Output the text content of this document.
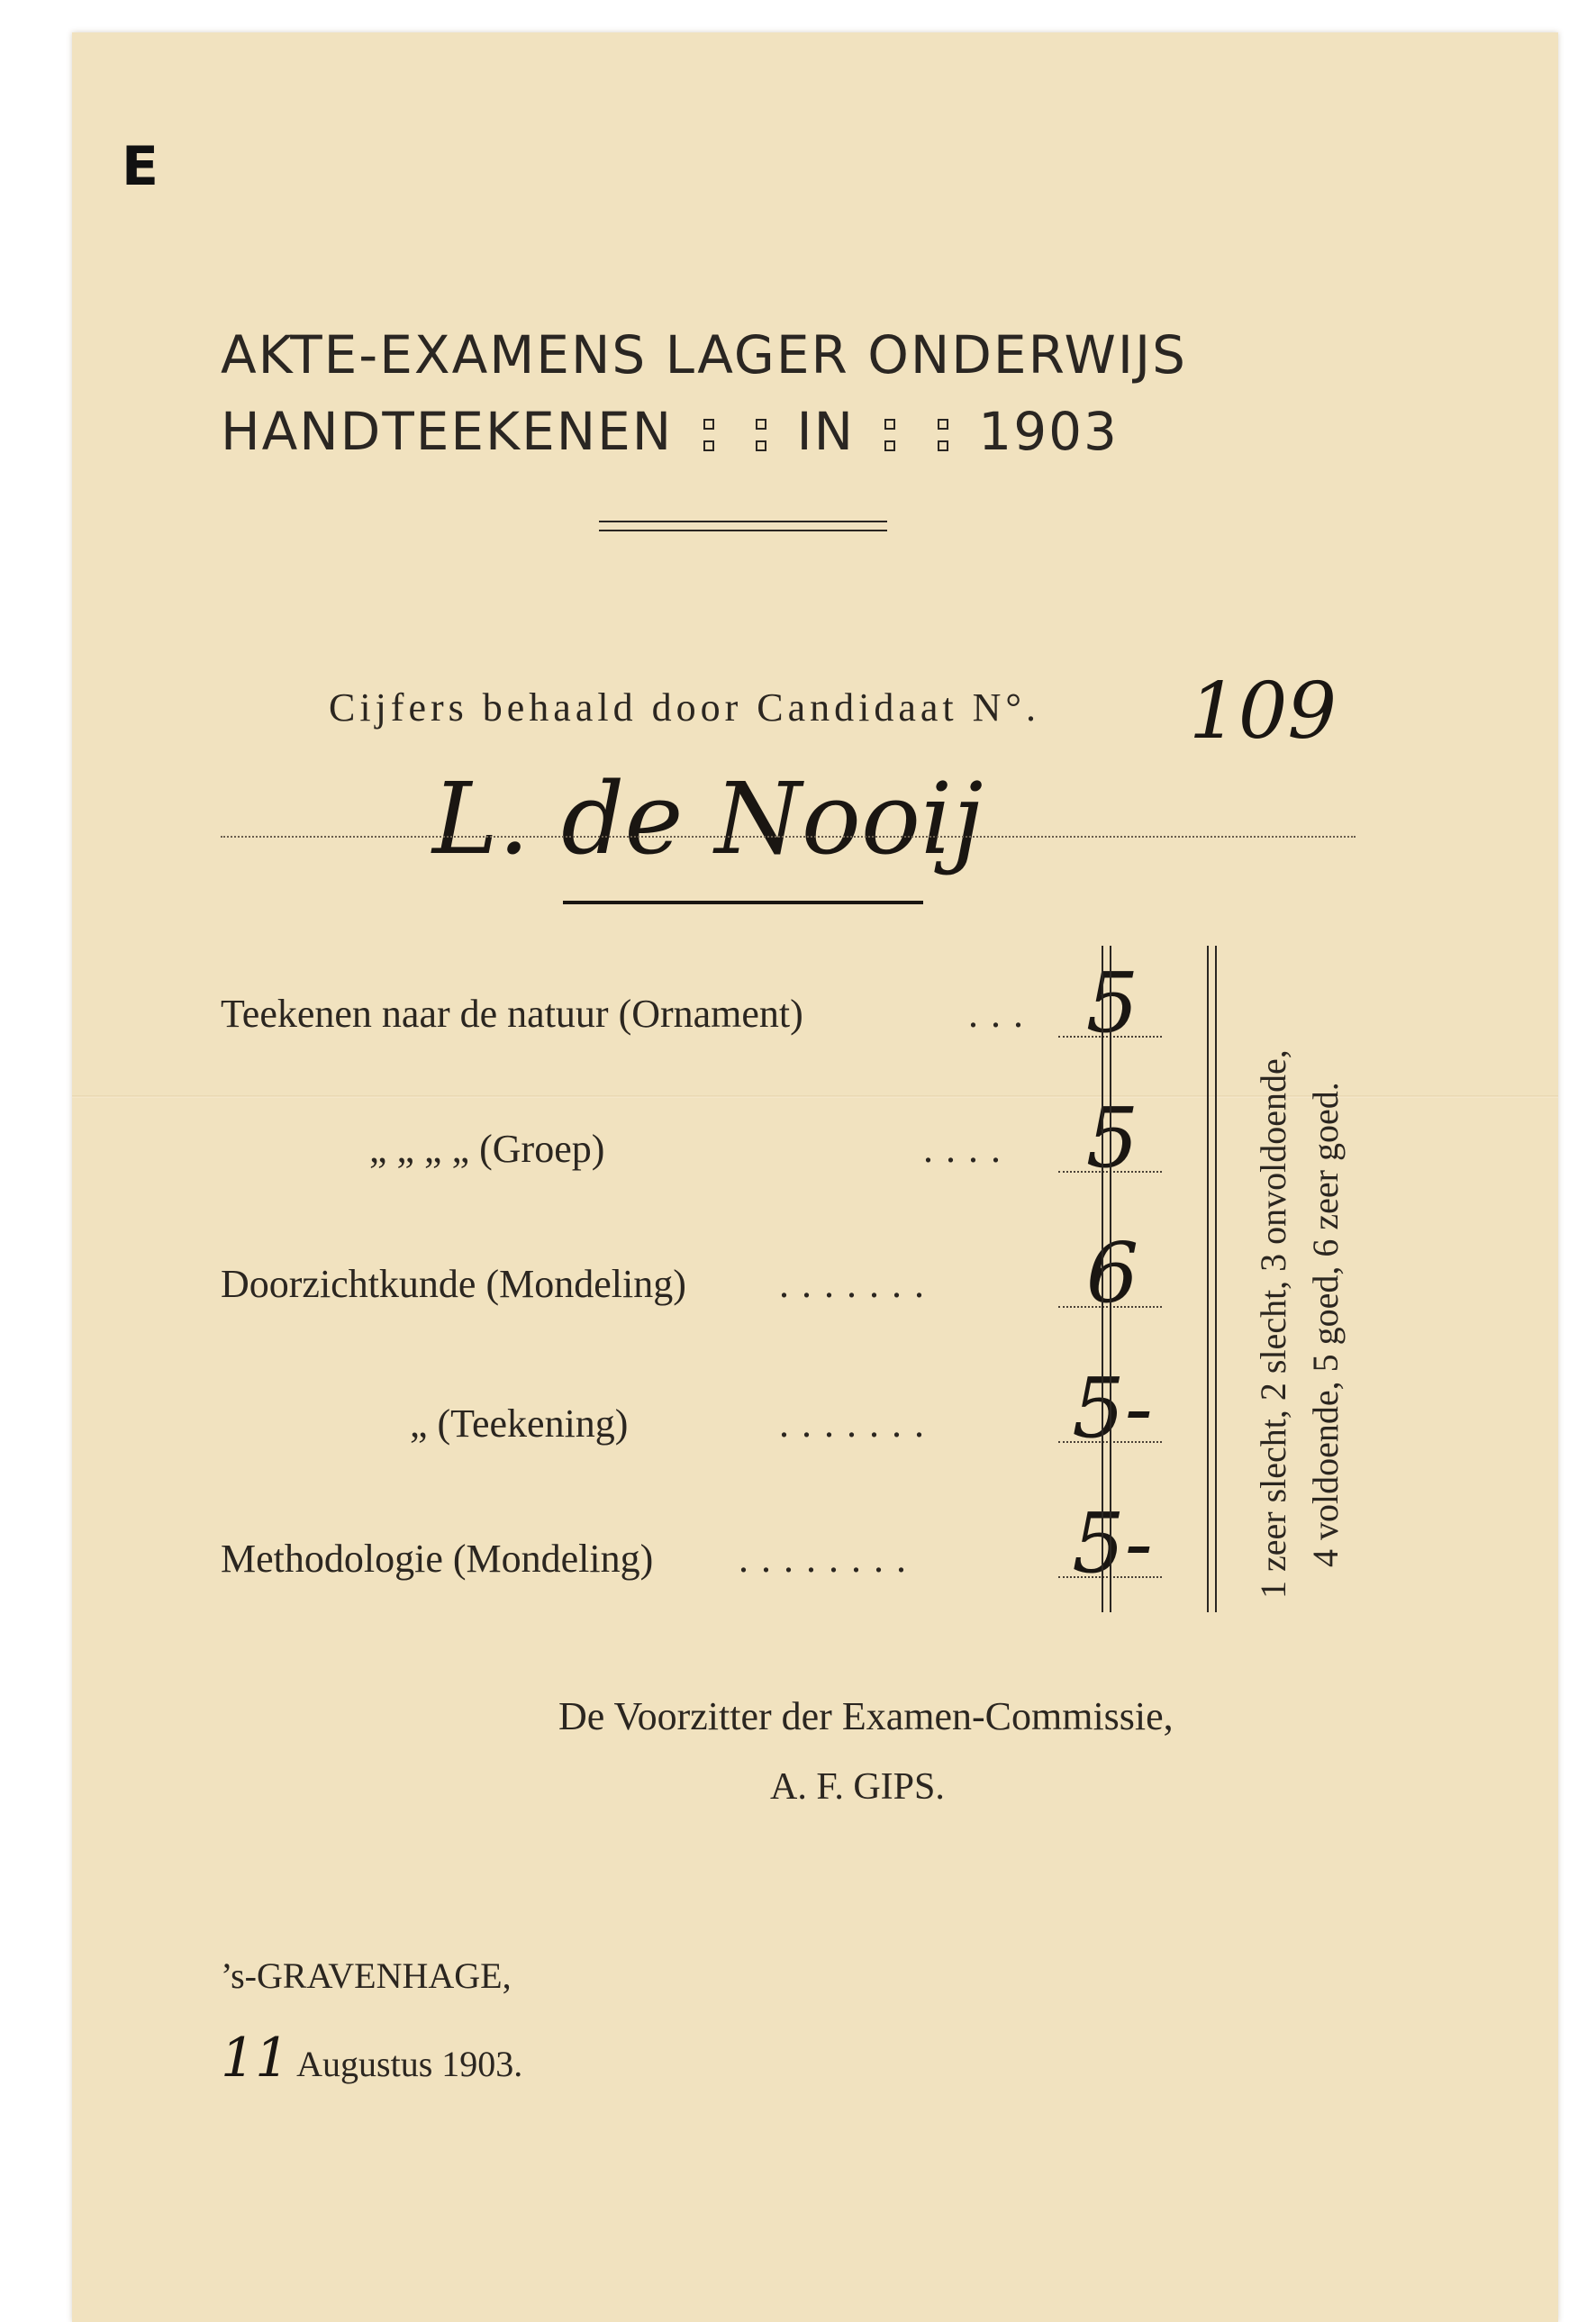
E
AKTE-EXAMENS LAGER ONDERWIJS
HANDTEEKENEN
IN
1903
Cijfers behaald door Candidaat N°. 109
L. de Nooij
Teekenen naar de natuur (Ornament)	... 5
„ „ „ „ (Groep)	.... 5
Doorzichtkunde (Mondeling) ....... 6
„ (Teekening)	....... 5-
Methodologie (Mondeling) ........ 5-	1 zeer slecht, 2 slecht, 3 onvoldoende, 4 voldoende, 5 goed, 6 zeer goed.
De Voorzitter der Examen-Commissie,
A. F. GIPS.
’s-GRAVENHAGE,
11 Augustus 1903.
